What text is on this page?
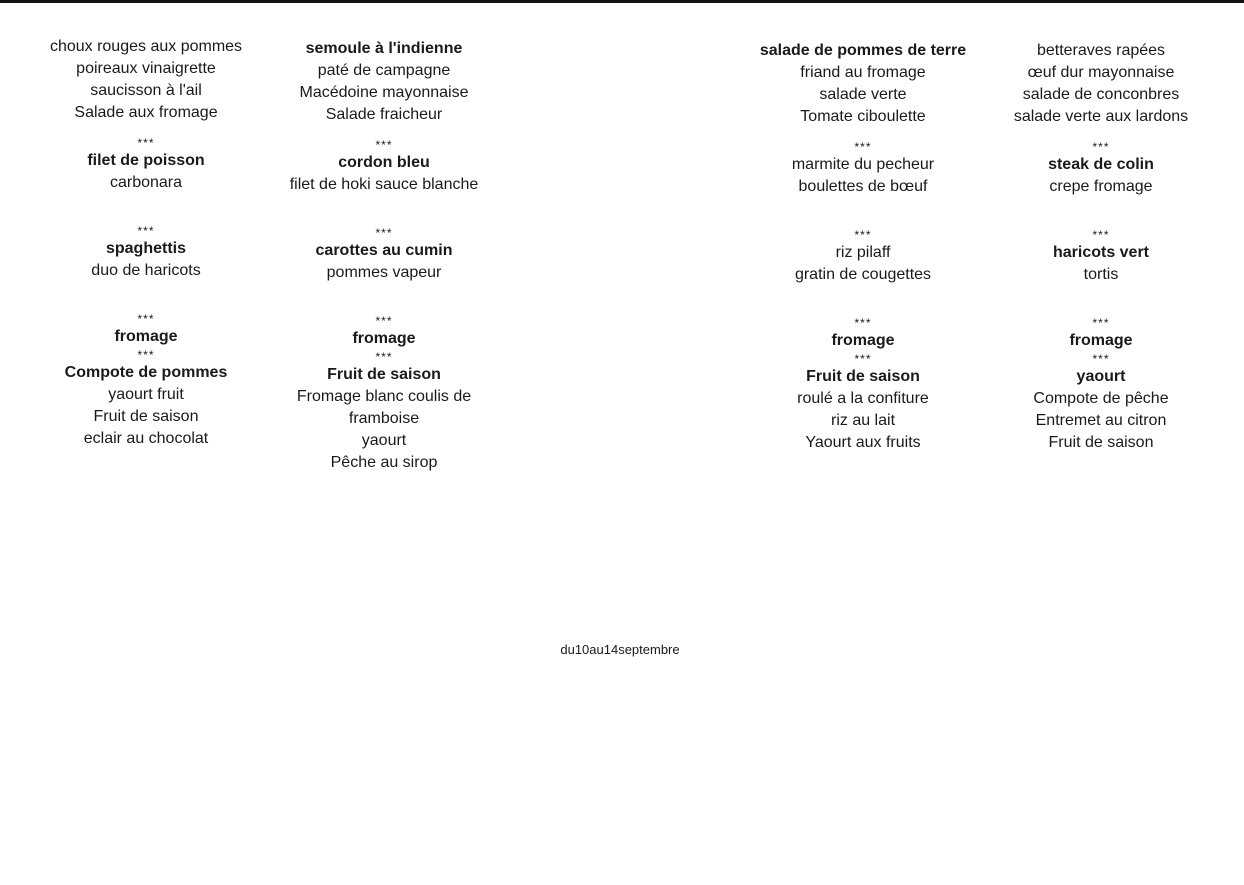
choux rouges aux pommes
poireaux vinaigrette
saucisson à l'ail
Salade aux fromage
***
filet de poisson
carbonara
***
spaghettis
duo de haricots
***
fromage
***
Compote de pommes
yaourt fruit
Fruit de saison
eclair au chocolat
semoule à l'indienne
paté de campagne
Macédoine mayonnaise
Salade fraicheur
***
cordon bleu
filet de hoki sauce blanche
***
carottes au cumin
pommes vapeur
***
fromage
***
Fruit de saison
Fromage blanc coulis de
framboise
yaourt
Pêche au sirop
salade de pommes de terre
friand au fromage
salade verte
Tomate ciboulette
***
marmite du pecheur
boulettes de bœuf
***
riz pilaff
gratin de cougettes
***
fromage
***
Fruit de saison
roulé a la confiture
riz au lait
Yaourt aux fruits
betteraves rapées
œuf dur mayonnaise
salade de conconbres
salade verte aux lardons
***
steak de colin
crepe fromage
***
haricots vert
tortis
***
fromage
***
yaourt
Compote de pêche
Entremet au citron
Fruit de saison
du10au14septembre
